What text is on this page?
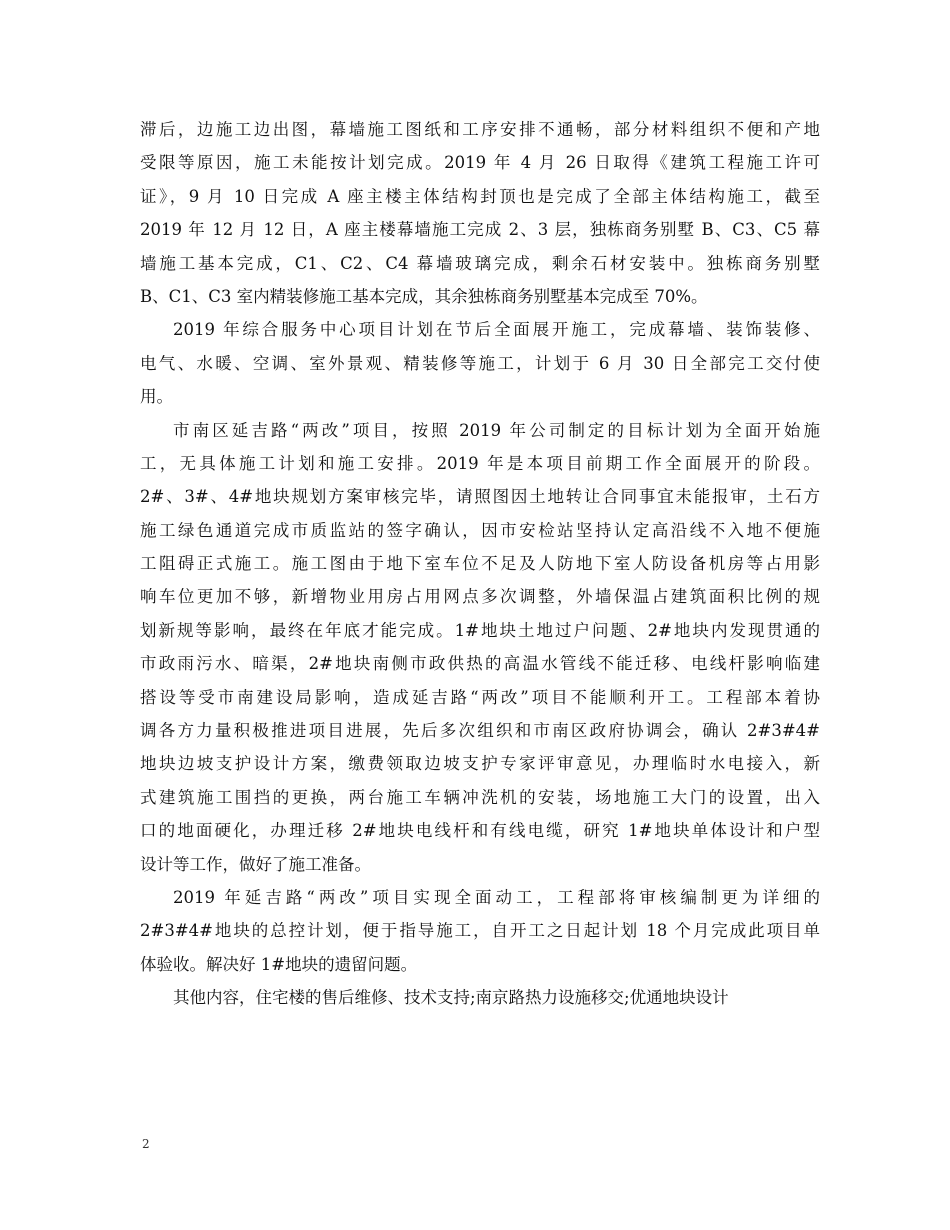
滞后，边施工边出图，幕墙施工图纸和工序安排不通畅，部分材料组织不便和产地
受限等原因，施工未能按计划完成。2019 年 4 月 26 日取得《建筑工程施工许可
证》，9 月 10 日完成 A 座主楼主体结构封顶也是完成了全部主体结构施工，截至
2019 年 12 月 12 日，A 座主楼幕墙施工完成 2、3 层，独栋商务别墅 B、C3、C5 幕
墙施工基本完成，C1、C2、C4 幕墙玻璃完成，剩余石材安装中。独栋商务别墅
B、C1、C3 室内精装修施工基本完成，其余独栋商务别墅基本完成至 70%。
2019 年综合服务中心项目计划在节后全面展开施工，完成幕墙、装饰装修、
电气、水暖、空调、室外景观、精装修等施工，计划于 6 月 30 日全部完工交付使
用。
市南区延吉路“两改”项目，按照 2019 年公司制定的目标计划为全面开始施
工，无具体施工计划和施工安排。2019 年是本项目前期工作全面展开的阶段。
2#、3#、4#地块规划方案审核完毕，请照图因土地转让合同事宜未能报审，土石方
施工绿色通道完成市质监站的签字确认，因市安检站坚持认定高沿线不入地不便施
工阻碍正式施工。施工图由于地下室车位不足及人防地下室人防设备机房等占用影
响车位更加不够，新增物业用房占用网点多次调整，外墙保温占建筑面积比例的规
划新规等影响，最终在年底才能完成。1#地块土地过户问题、2#地块内发现贯通的
市政雨污水、暗渠，2#地块南侧市政供热的高温水管线不能迁移、电线杆影响临建
搭设等受市南建设局影响，造成延吉路“两改”项目不能顺利开工。工程部本着协
调各方力量积极推进项目进展，先后多次组织和市南区政府协调会，确认 2#3#4#
地块边坡支护设计方案，缴费领取边坡支护专家评审意见，办理临时水电接入，新
式建筑施工围挡的更换，两台施工车辆冲洗机的安装，场地施工大门的设置，出入
口的地面硬化，办理迁移 2#地块电线杆和有线电缆，研究 1#地块单体设计和户型
设计等工作，做好了施工准备。
2019 年延吉路“两改”项目实现全面动工，工程部将审核编制更为详细的
2#3#4#地块的总控计划，便于指导施工，自开工之日起计划 18 个月完成此项目单
体验收。解决好 1#地块的遗留问题。
其他内容，住宅楼的售后维修、技术支持;南京路热力设施移交;优通地块设计
2
